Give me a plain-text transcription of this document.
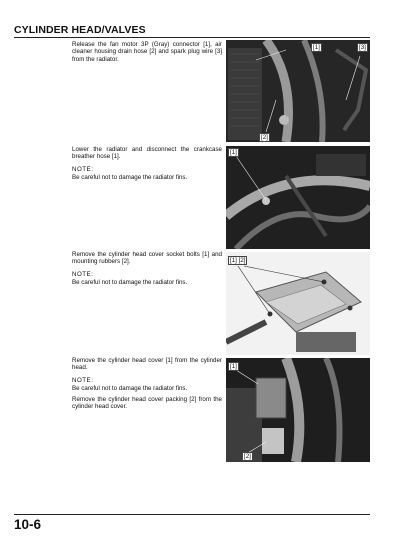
CYLINDER HEAD/VALVES

Release the fan motor 3P (Gray) connector [1], air cleaner housing drain hose [2] and spark plug wire [3] from the radiator.

[1]	[3]
[2]

Lower the radiator and disconnect the crankcase breather hose [1].

NOTE:

Be careful not to damage the radiator fins.

[1]

Remove the cylinder head cover socket bolts [1] and mounting rubbers [2].

NOTE:

Be careful not to damage the radiator fins.

[1] [2]

Remove the cylinder head cover [1] from the cylinder head.

NOTE:

Be careful not to damage the radiator fins.

Remove the cylinder head cover packing [2] from the cylinder head cover.

[1]
[2]
10-6
